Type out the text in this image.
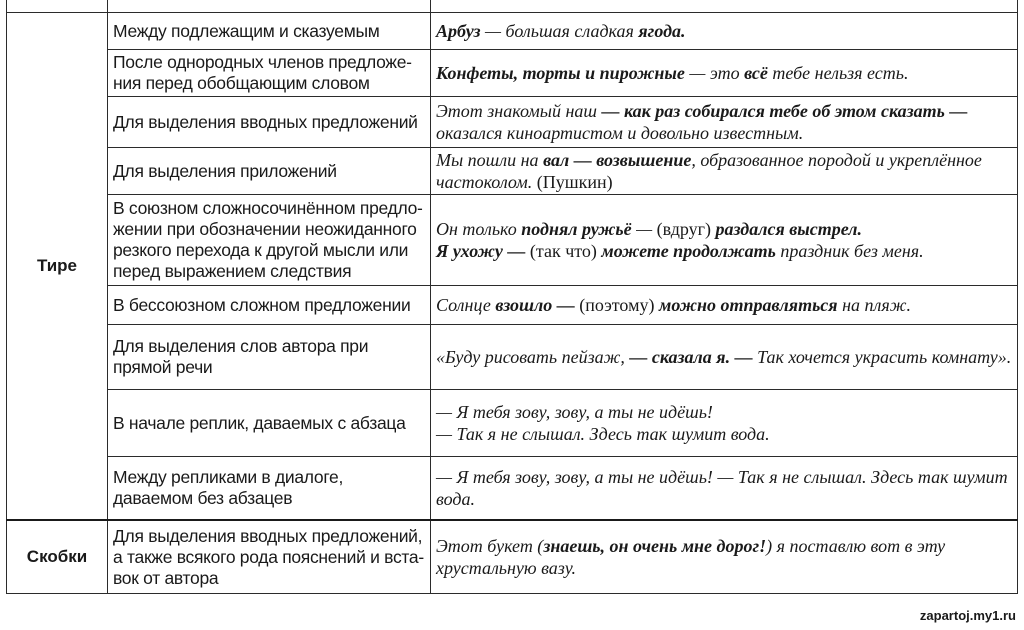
Тире	Между подлежащим и сказуемым	Арбуз — большая сладкая ягода.

	После однородных членов предложения перед обобщающим словом	Конфеты, торты и пирожные — это всё тебе нельзя есть.

	Для выделения вводных предложений	Этот знакомый наш — как раз собирался тебе об этом сказать — оказался киноартистом и довольно известным.

	Для выделения приложений	Мы пошли на вал — возвышение, образованное породой и укреплённое частоколом. (Пушкин)

	В союзном сложносочинённом предложении при обозначении неожиданного резкого перехода к другой мысли или перед выражением следствия	Он только поднял ружьё — (вдруг) раздался выстрел.
Я ухожу — (так что) можете продолжать праздник без меня.

	В бессоюзном сложном предложении	Солнце взошло — (поэтому) можно отправляться на пляж.

	Для выделения слов автора при прямой речи	«Буду рисовать пейзаж, — сказала я. — Так хочется украсить комнату».

	В начале реплик, даваемых с абзаца	— Я тебя зову, зову, а ты не идёшь!
— Так я не слышал. Здесь так шумит вода.

	Между репликами в диалоге, даваемом без абзацев	— Я тебя зову, зову, а ты не идёшь! — Так я не слышал. Здесь так шумит вода.

Скобки	Для выделения вводных предложений, а также всякого рода пояснений и вставок от автора	Этот букет (знаешь, он очень мне дорог!) я поставлю вот в эту хрустальную вазу.
zapartoj.my1.ru
